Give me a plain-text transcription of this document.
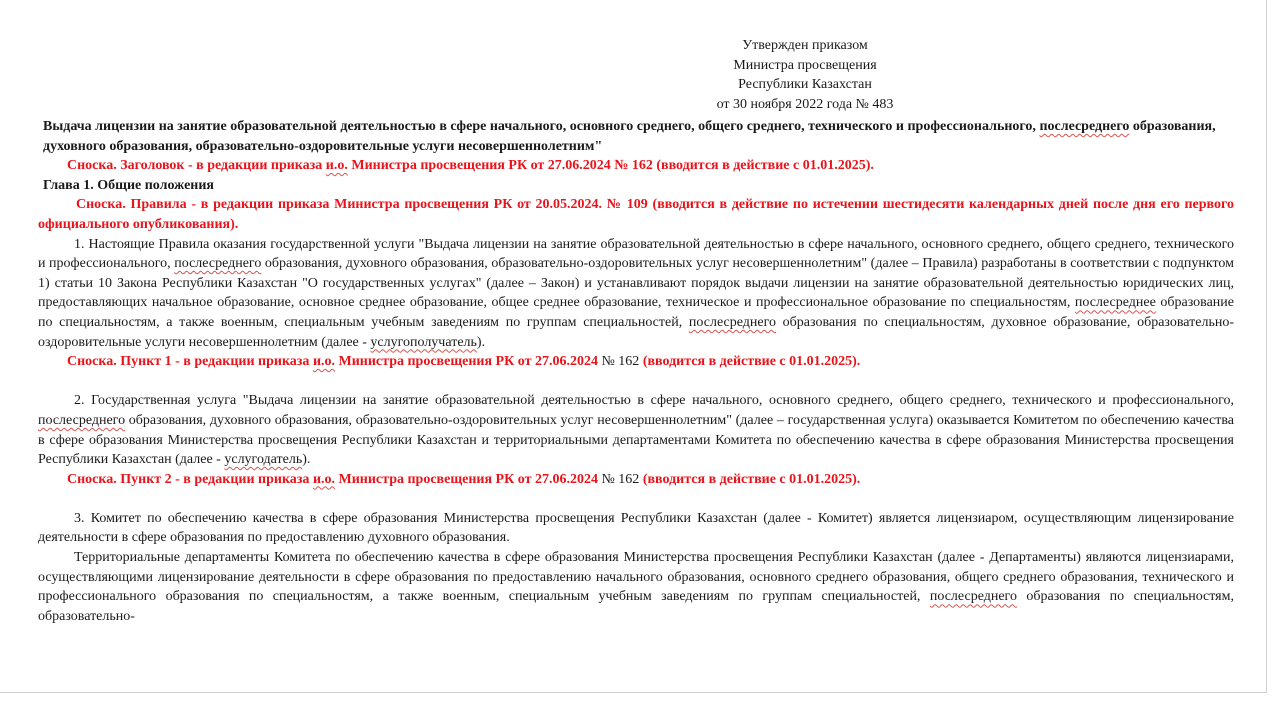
Утвержден приказом
Министра просвещения
Республики Казахстан
от 30 ноября 2022 года № 483
Выдача лицензии на занятие образовательной деятельностью в сфере начального, основного среднего, общего среднего, технического и профессионального, послесреднего образования, духовного образования, образовательно-оздоровительные услуги несовершеннолетним"
Сноска. Заголовок - в редакции приказа и.о. Министра просвещения РК от 27.06.2024 № 162 (вводится в действие с 01.01.2025).
Глава 1. Общие положения

Сноска. Правила - в редакции приказа Министра просвещения РК от 20.05.2024. № 109 (вводится в действие по истечении шестидесяти календарных дней после дня его первого официального опубликования).

1. Настоящие Правила оказания государственной услуги "Выдача лицензии на занятие образовательной деятельностью в сфере начального, основного среднего, общего среднего, технического и профессионального, послесреднего образования, духовного образования, образовательно-оздоровительных услуг несовершеннолетним" (далее – Правила) разработаны в соответствии с подпунктом 1) статьи 10 Закона Республики Казахстан "О государственных услугах" (далее – Закон) и устанавливают порядок выдачи лицензии на занятие образовательной деятельностью юридических лиц, предоставляющих начальное образование, основное среднее образование, общее среднее образование, техническое и профессиональное образование по специальностям, послесреднее образование по специальностям, а также военным, специальным учебным заведениям по группам специальностей, послесреднего образования по специальностям, духовное образование, образовательно-оздоровительные услуги несовершеннолетним (далее - услугополучатель).

Сноска. Пункт 1 - в редакции приказа и.о. Министра просвещения РК от 27.06.2024 № 162 (вводится в действие с 01.01.2025).

2. Государственная услуга "Выдача лицензии на занятие образовательной деятельностью в сфере начального, основного среднего, общего среднего, технического и профессионального, послесреднего образования, духовного образования, образовательно-оздоровительных услуг несовершеннолетним" (далее – государственная услуга) оказывается Комитетом по обеспечению качества в сфере образования Министерства просвещения Республики Казахстан и территориальными департаментами Комитета по обеспечению качества в сфере образования Министерства просвещения Республики Казахстан (далее - услугодатель).

Сноска. Пункт 2 - в редакции приказа и.о. Министра просвещения РК от 27.06.2024 № 162 (вводится в действие с 01.01.2025).

3. Комитет по обеспечению качества в сфере образования Министерства просвещения Республики Казахстан (далее - Комитет) является лицензиаром, осуществляющим лицензирование деятельности в сфере образования по предоставлению духовного образования.

Территориальные департаменты Комитета по обеспечению качества в сфере образования Министерства просвещения Республики Казахстан (далее - Департаменты) являются лицензиарами, осуществляющими лицензирование деятельности в сфере образования по предоставлению начального образования, основного среднего образования, общего среднего образования, технического и профессионального образования по специальностям, а также военным, специальным учебным заведениям по группам специальностей, послесреднего образования по специальностям, образовательно-
